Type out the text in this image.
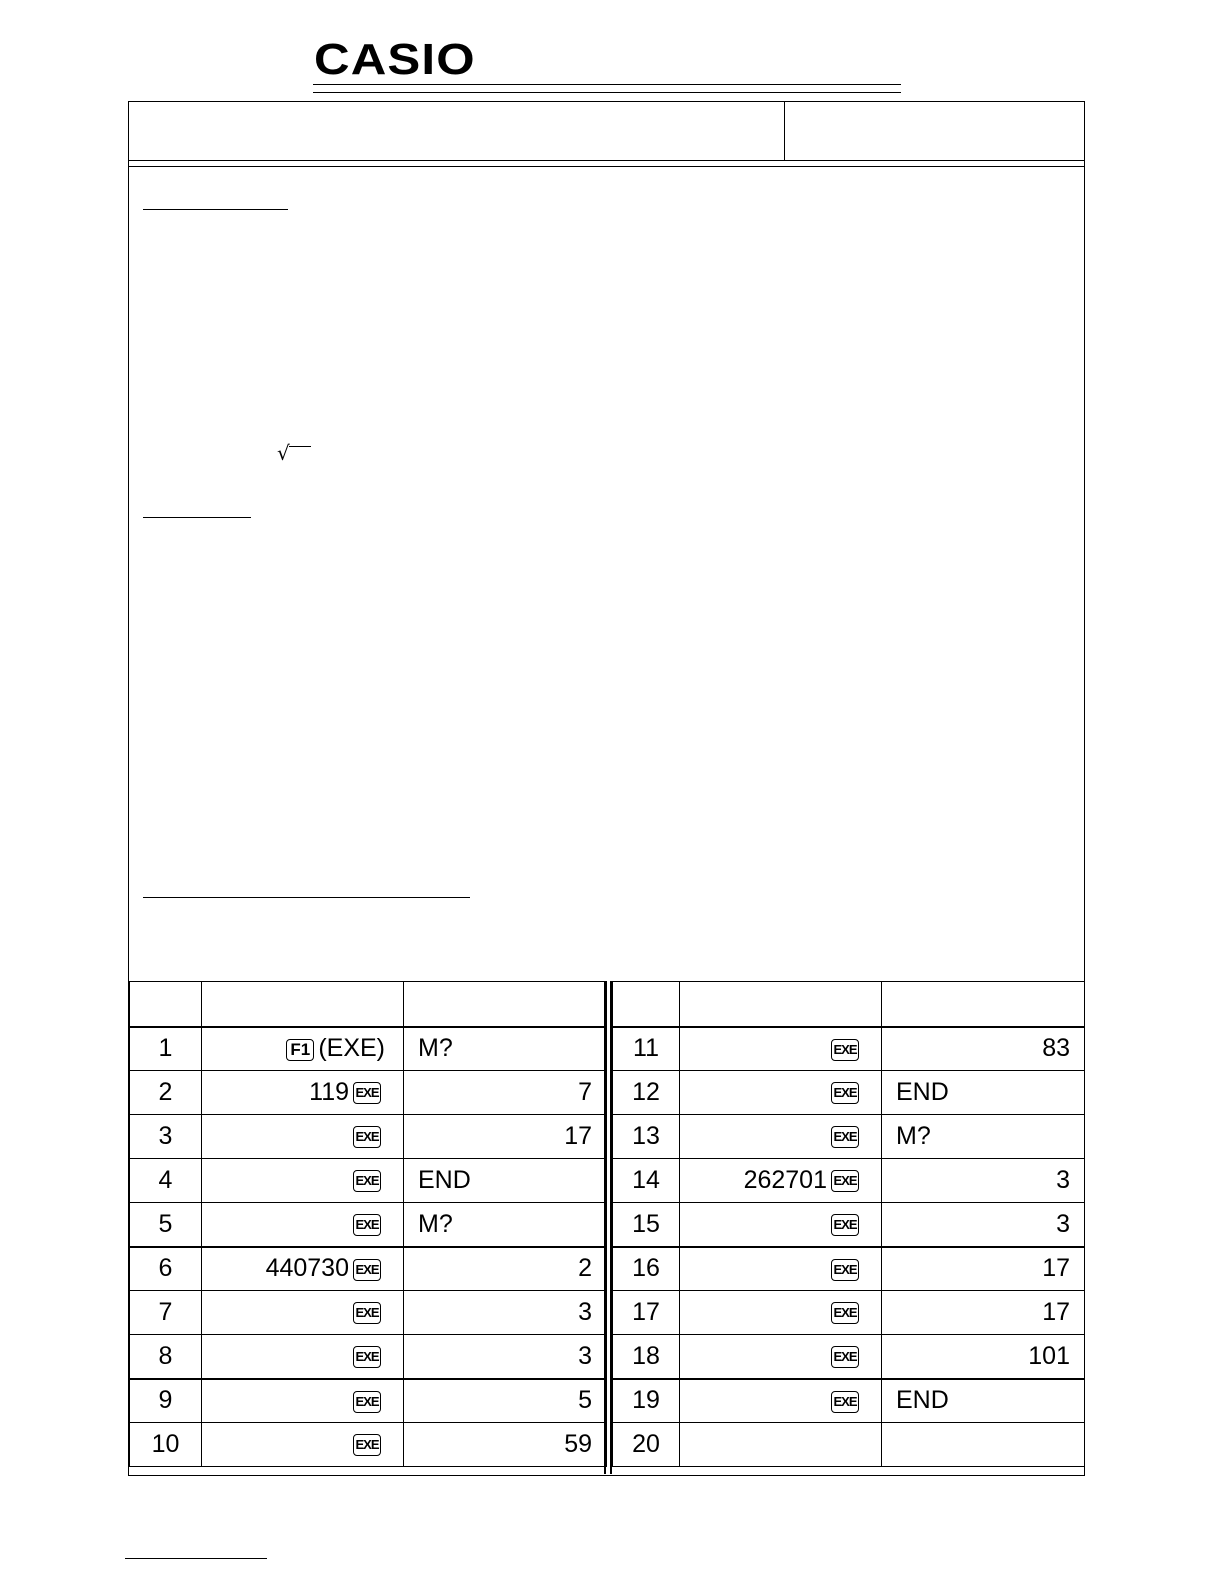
CASIO
√

1	F1 (EXE)	M?
2	119 EXE	7
3	EXE	17
4	EXE	END
5	EXE	M?
6	440730 EXE	2
7	EXE	3
8	EXE	3
9	EXE	5
10	EXE	59

11	EXE	83
12	EXE	END
13	EXE	M?
14	262701 EXE	3
15	EXE	3
16	EXE	17
17	EXE	17
18	EXE	101
19	EXE	END
20		
